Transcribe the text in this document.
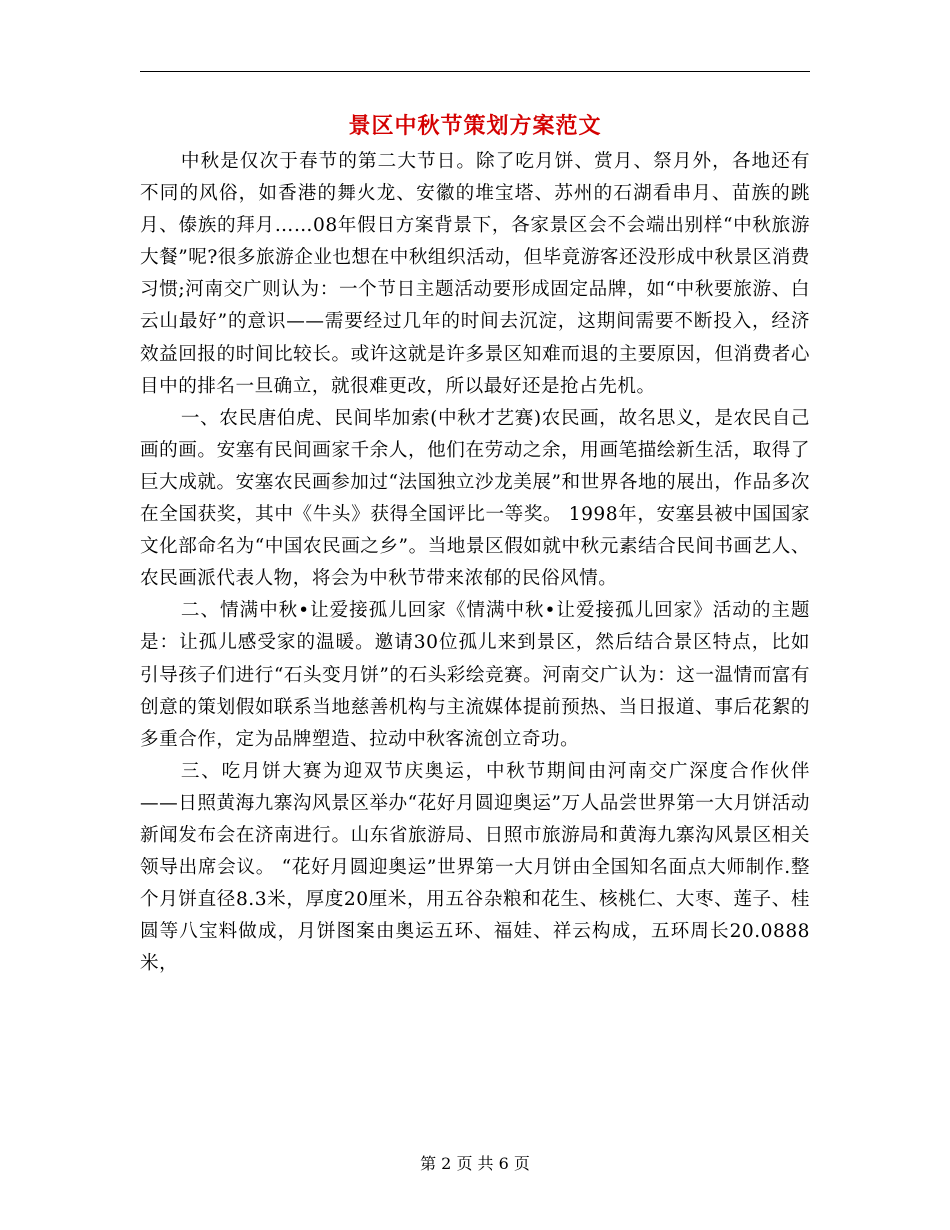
景区中秋节策划方案范文

中秋是仅次于春节的第二大节日。除了吃月饼、赏月、祭月外，各地还有不同的风俗，如香港的舞火龙、安徽的堆宝塔、苏州的石湖看串月、苗族的跳月、傣族的拜月……08年假日方案背景下，各家景区会不会端出别样“中秋旅游大餐”呢?很多旅游企业也想在中秋组织活动，但毕竟游客还没形成中秋景区消费习惯;河南交广则认为：一个节日主题活动要形成固定品牌，如“中秋要旅游、白云山最好”的意识——需要经过几年的时间去沉淀，这期间需要不断投入，经济效益回报的时间比较长。或许这就是许多景区知难而退的主要原因，但消费者心目中的排名一旦确立，就很难更改，所以最好还是抢占先机。

一、农民唐伯虎、民间毕加索(中秋才艺赛)农民画，故名思义，是农民自己画的画。安塞有民间画家千余人，他们在劳动之余，用画笔描绘新生活，取得了巨大成就。安塞农民画参加过“法国独立沙龙美展”和世界各地的展出，作品多次在全国获奖，其中《牛头》获得全国评比一等奖。 1998年，安塞县被中国国家文化部命名为“中国农民画之乡”。当地景区假如就中秋元素结合民间书画艺人、农民画派代表人物，将会为中秋节带来浓郁的民俗风情。

二、情满中秋•让爱接孤儿回家《情满中秋•让爱接孤儿回家》活动的主题是：让孤儿感受家的温暖。邀请30位孤儿来到景区，然后结合景区特点，比如引导孩子们进行“石头变月饼”的石头彩绘竞赛。河南交广认为：这一温情而富有创意的策划假如联系当地慈善机构与主流媒体提前预热、当日报道、事后花絮的多重合作，定为品牌塑造、拉动中秋客流创立奇功。

三、吃月饼大赛为迎双节庆奥运，中秋节期间由河南交广深度合作伙伴——日照黄海九寨沟风景区举办“花好月圆迎奥运”万人品尝世界第一大月饼活动新闻发布会在济南进行。山东省旅游局、日照市旅游局和黄海九寨沟风景区相关领导出席会议。 “花好月圆迎奥运”世界第一大月饼由全国知名面点大师制作.整个月饼直径8.3米，厚度20厘米，用五谷杂粮和花生、核桃仁、大枣、莲子、桂圆等八宝料做成，月饼图案由奥运五环、福娃、祥云构成，五环周长20.0888米，

第 2 页 共 6 页
